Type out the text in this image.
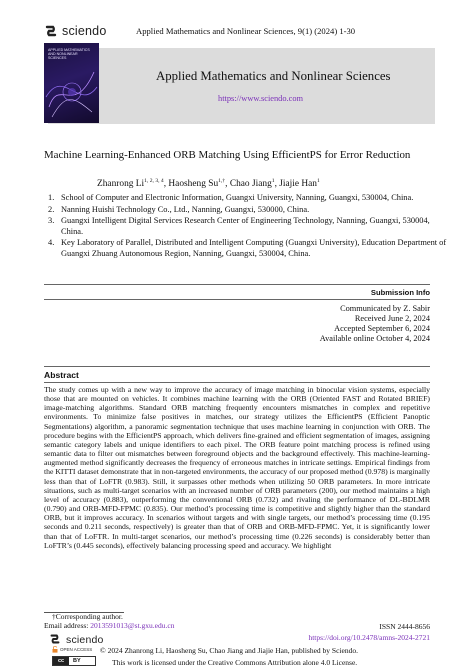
sciendo	Applied Mathematics and Nonlinear Sciences, 9(1) (2024) 1-30
APPLIED MATHEMATICS AND NONLINEAR SCIENCES
Applied Mathematics and Nonlinear Sciences
https://www.sciendo.com
Machine Learning-Enhanced ORB Matching Using EfficientPS for Error Reduction
Zhanrong Li$^{1, 2, 3, 4}$, Haosheng $Su^{1,\dagger}$, Chao Jiang$^1$, Jiajie Han$^1$
1. School of Computer and Electronic Information, Guangxi University, Nanning, Guangxi, 530004, China.
2. Nanning Huishi Technology Co., Ltd., Nanning, Guangxi, 530000, China.
3. Guangxi Intelligent Digital Services Research Center of Engineering Technology, Nanning, Guangxi, 530004, China.
4. Key Laboratory of Parallel, Distributed and Intelligent Computing (Guangxi University), Education Department of Guangxi Zhuang Autonomous Region, Nanning, Guangxi, 530004, China.
Submission Info
Communicated by Z. Sabir
Received June 2, 2024
Accepted September 6, 2024
Available online October 4, 2024
Abstract
The study comes up with a new way to improve the accuracy of image matching in binocular vision systems, especially those that are mounted on vehicles. It combines machine learning with the ORB (Oriented FAST and Rotated BRIEF) image-matching algorithms. Standard ORB matching frequently encounters mismatches in complex and repetitive environments. To minimize false positives in matches, our strategy utilizes the EfficientPS (Efficient Panoptic Segmentations) algorithm, a panoramic segmentation technique that uses machine learning in conjunction with ORB. The procedure begins with the EfficientPS approach, which delivers fine-grained and efficient segmentation of images, assigning semantic category labels and unique identifiers to each pixel. The ORB feature point matching process is refined using semantic data to filter out mismatches between foreground objects and the background effectively. This machine-learning-augmented method significantly decreases the frequency of erroneous matches in intricate settings. Empirical findings from the KITTI dataset demonstrate that in non-targeted environments, the accuracy of our proposed method (0.978) is marginally less than that of LoFTR (0.983). Still, it surpasses other methods when utilizing 50 ORB parameters. In more intricate situations, such as multi-target scenarios with an increased number of ORB parameters (200), our method maintains a high level of accuracy (0.883), outperforming the conventional ORB (0.732) and rivaling the performance of DL-BDLMR (0.790) and ORB-MFD-FPMC (0.835). Our method’s processing time is competitive and slightly higher than the standard ORB, but it improves accuracy. In scenarios without targets and with single targets, our method’s processing time (0.195 seconds and 0.211 seconds, respectively) is greater than that of ORB and ORB-MFD-FPMC. Yet, it is significantly lower than that of LoFTR. In multi-target scenarios, our method’s processing time (0.226 seconds) is considerably better than LoFTR’s (0.445 seconds), effectively balancing processing speed and accuracy. We highlight
†Corresponding author.
Email address: 2013591013@st.gxu.edu.cn	ISSN 2444-8656
https://doi.org/10.2478/amns-2024-2721
sciendo
OPEN ACCESS © 2024 Zhanrong Li, Haosheng Su, Chao Jiang and Jiajie Han, published by Sciendo.
cc	BY	This work is licensed under the Creative Commons Attribution alone 4.0 License.
